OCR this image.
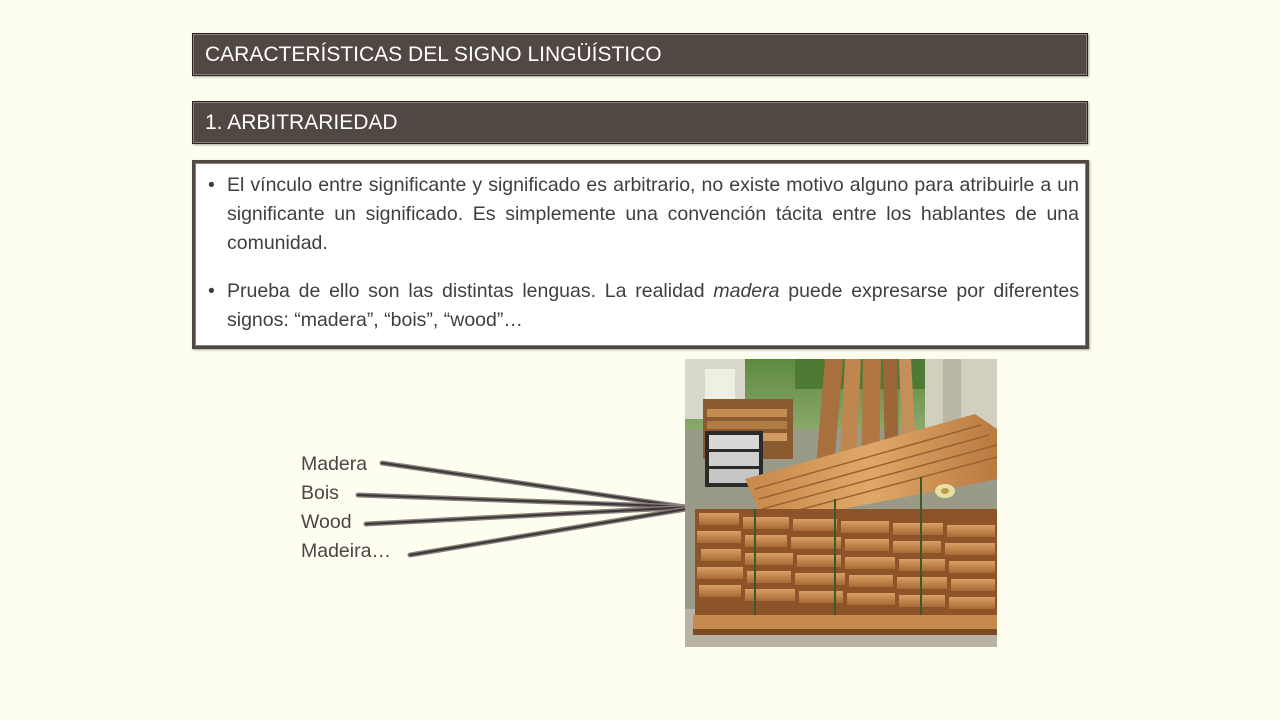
CARACTERÍSTICAS DEL SIGNO LINGÜÍSTICO
1. ARBITRARIEDAD
• El vínculo entre significante y significado es arbitrario, no existe motivo alguno para atribuirle a un significante un significado. Es simplemente una convención tácita entre los hablantes de una comunidad.
• Prueba de ello son las distintas lenguas. La realidad madera puede expresarse por diferentes signos: “madera”, “bois”, “wood”…
Madera
Bois
Wood
Madeira…
